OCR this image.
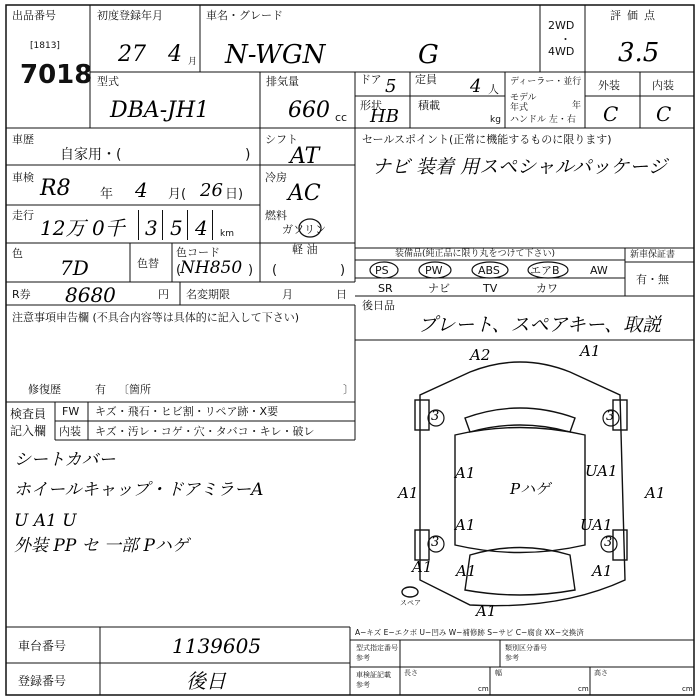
出品番号
[1813]
7018
初度登録年月
27 4 月
車名・グレード
N-WGN	G
2WD
・
4WD
評価点
3.5
型式
DBA-JH1
排気量
660 cc
ドア 5 定員 4 人
形状
HB
積載
kg
ディーラー・並行
モデル
年式	年
ハンドル 左・右
外装	内装
C C
車歴
自家用・(	)
シフト
AT
車検 R8 年 4 月( 26 日)
冷房
AC
走行
12万 0千 3 5 4 km
燃料
ガソリン
軽 油
(	)
色
7D	色替
色コード
(
NH850 )
R券 8680	円 名変期限	月	日
注意事項申告欄 (不具合内容等は具体的に記入して下さい)
修復歴	有 〔箇所	〕
セールスポイント(正常に機能するものに限ります)
ナビ 装着 用スペシャルパッケージ
装備品(純正品に限り丸をつけて下さい)
PS	PW	ABS	エアB	AW
SR	ナビ	TV	カワ
新車保証書
有・無
後日品
プレート、スペアキー、取説
検査員
記入欄
FW キズ・飛石・ヒビ割・リペア跡・X要
内装 キズ・汚レ・コゲ・穴・タバコ・キレ・破レ
シートカバー
ホイールキャップ・ドアミラーA
U A1 U
外装 PP セ 一部 Pハゲ
A2	A1
3	3
A1
A1	Pハゲ
UA1
A1
A1
A1
UA1
3	3
A1	A1
A1
スペア
A−キズ E−エクボ U−凹み W−補修跡 S−サビ C−腐食 XX−交換済
車台番号	1139605
登録番号	後日
型式指定番号
参考
類別区分番号
参考
車検証記載
参考
長さ	幅	高さ
cm	cm	cm
